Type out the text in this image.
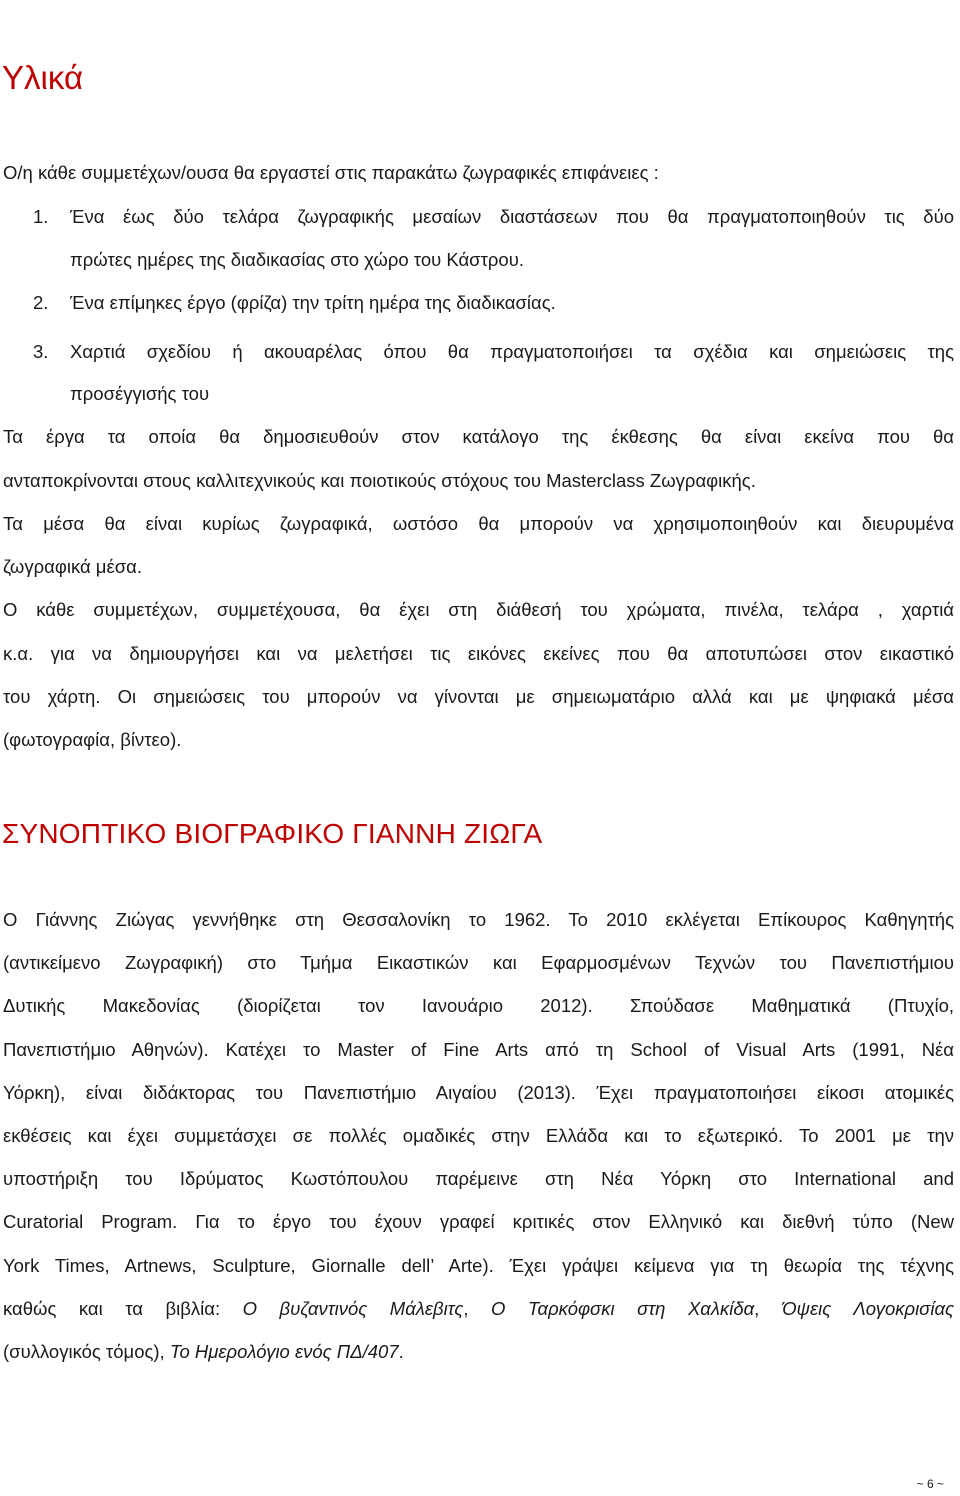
Υλικά
Ο/η κάθε συμμετέχων/ουσα θα εργαστεί στις παρακάτω ζωγραφικές επιφάνειες :
1. Ένα έως δύο τελάρα ζωγραφικής μεσαίων διαστάσεων που θα πραγματοποιηθούν τις δύο
πρώτες ημέρες της διαδικασίας στο χώρο του Κάστρου.
2. Ένα επίμηκες έργο (φρίζα) την τρίτη ημέρα της διαδικασίας.
3. Χαρτιά σχεδίου ή ακουαρέλας όπου θα πραγματοποιήσει τα σχέδια και σημειώσεις της
προσέγγισής του
Τα έργα τα οποία θα δημοσιευθούν στον κατάλογο της έκθεσης θα είναι εκείνα που θα
ανταποκρίνονται στους καλλιτεχνικούς και ποιοτικούς στόχους του Masterclass Ζωγραφικής.
Τα μέσα θα είναι κυρίως ζωγραφικά, ωστόσο θα μπορούν να χρησιμοποιηθούν και διευρυμένα
ζωγραφικά μέσα.
Ο κάθε συμμετέχων, συμμετέχουσα, θα έχει στη διάθεσή του χρώματα, πινέλα, τελάρα , χαρτιά
κ.α. για να δημιουργήσει και να μελετήσει τις εικόνες εκείνες που θα αποτυπώσει στον εικαστικό
του χάρτη. Οι σημειώσεις του μπορούν να γίνονται με σημειωματάριο αλλά και με ψηφιακά μέσα
(φωτογραφία, βίντεο).
ΣΥΝΟΠΤΙΚΟ ΒΙΟΓΡΑΦΙΚΟ ΓΙΑΝΝΗ ΖΙΩΓΑ
Ο Γιάννης Ζιώγας γεννήθηκε στη Θεσσαλονίκη το 1962. Το 2010 εκλέγεται Επίκουρος Καθηγητής
(αντικείμενο Ζωγραφική) στο Τμήμα Εικαστικών και Εφαρμοσμένων Τεχνών του Πανεπιστήμιου
Δυτικής Μακεδονίας (διορίζεται τον Ιανουάριο 2012). Σπούδασε Μαθηματικά (Πτυχίο,
Πανεπιστήμιο Αθηνών). Κατέχει το Master of Fine Arts από τη School of Visual Arts (1991, Νέα
Υόρκη), είναι διδάκτορας του Πανεπιστήμιο Αιγαίου (2013). Έχει πραγματοποιήσει είκοσι ατομικές
εκθέσεις και έχει συμμετάσχει σε πολλές ομαδικές στην Ελλάδα και το εξωτερικό. Το 2001 με την
υποστήριξη του Ιδρύματος Κωστόπουλου παρέμεινε στη Νέα Υόρκη στο International and
Curatorial Program. Για το έργο του έχουν γραφεί κριτικές στον Ελληνικό και διεθνή τύπο (New
York Times, Artnews, Sculpture, Giornalle dell’ Arte). Έχει γράψει κείμενα για τη θεωρία της τέχνης
καθώς και τα βιβλία: Ο βυζαντινός Μάλεβιτς, Ο Ταρκόφσκι στη Χαλκίδα, Όψεις Λογοκρισίας
(συλλογικός τόμος), Το Ημερολόγιο ενός ΠΔ/407.
~ 6 ~
